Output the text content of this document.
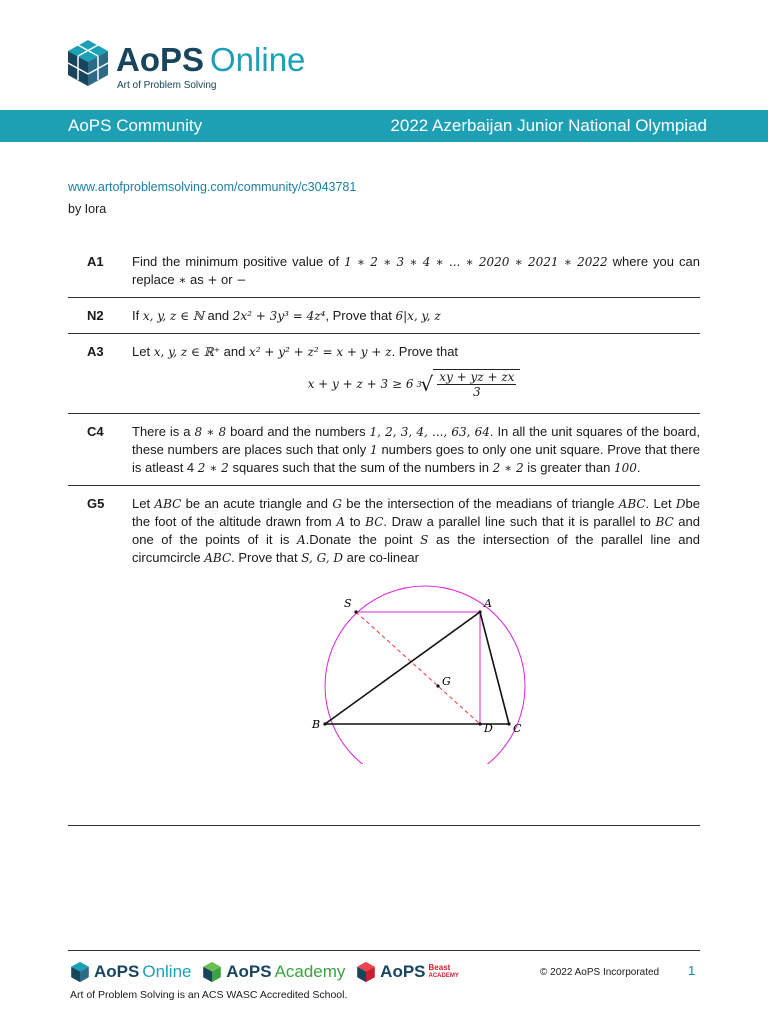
AoPS Online
Art of Problem Solving
AoPS Community	2022 Azerbaijan Junior National Olympiad
www.artofproblemsolving.com/community/c3043781
by Iora
A1 Find the minimum positive value of 1 ∗ 2 ∗ 3 ∗ 4 ∗ ... ∗ 2020 ∗ 2021 ∗ 2022 where you can replace ∗ as + or −
N2 If x, y, z ∈ ℕ and 2x² + 3y³ = 4z⁴, Prove that 6|x, y, z
A3 Let x, y, z ∈ ℝ⁺ and x² + y² + z² = x + y + z. Prove that
x + y + z + 3 ≥ 6 3 √ $\frac{xy + yz + zx}{3}$
C4 There is a 8 ∗ 8 board and the numbers 1, 2, 3, 4, ..., 63, 64. In all the unit squares of the board, these numbers are places such that only 1 numbers goes to only one unit square. Prove that there is atleast 4 2 ∗ 2 squares such that the sum of the numbers in 2 ∗ 2 is greater than 100.
G5 Let ABC be an acute triangle and G be the intersection of the meadians of triangle ABC. Let Dbe the foot of the altitude drawn from A to BC. Draw a parallel line such that it is parallel to BC and one of the points of it is A.Donate the point S as the intersection of the parallel line and circumcircle ABC. Prove that S, G, D are co-linear
S	A
G
B	D C
AoPS Online
AoPS Academy
AoPS Beast
ACADEMY	© 2022 AoPS Incorporated 1
Art of Problem Solving is an ACS WASC Accredited School.
